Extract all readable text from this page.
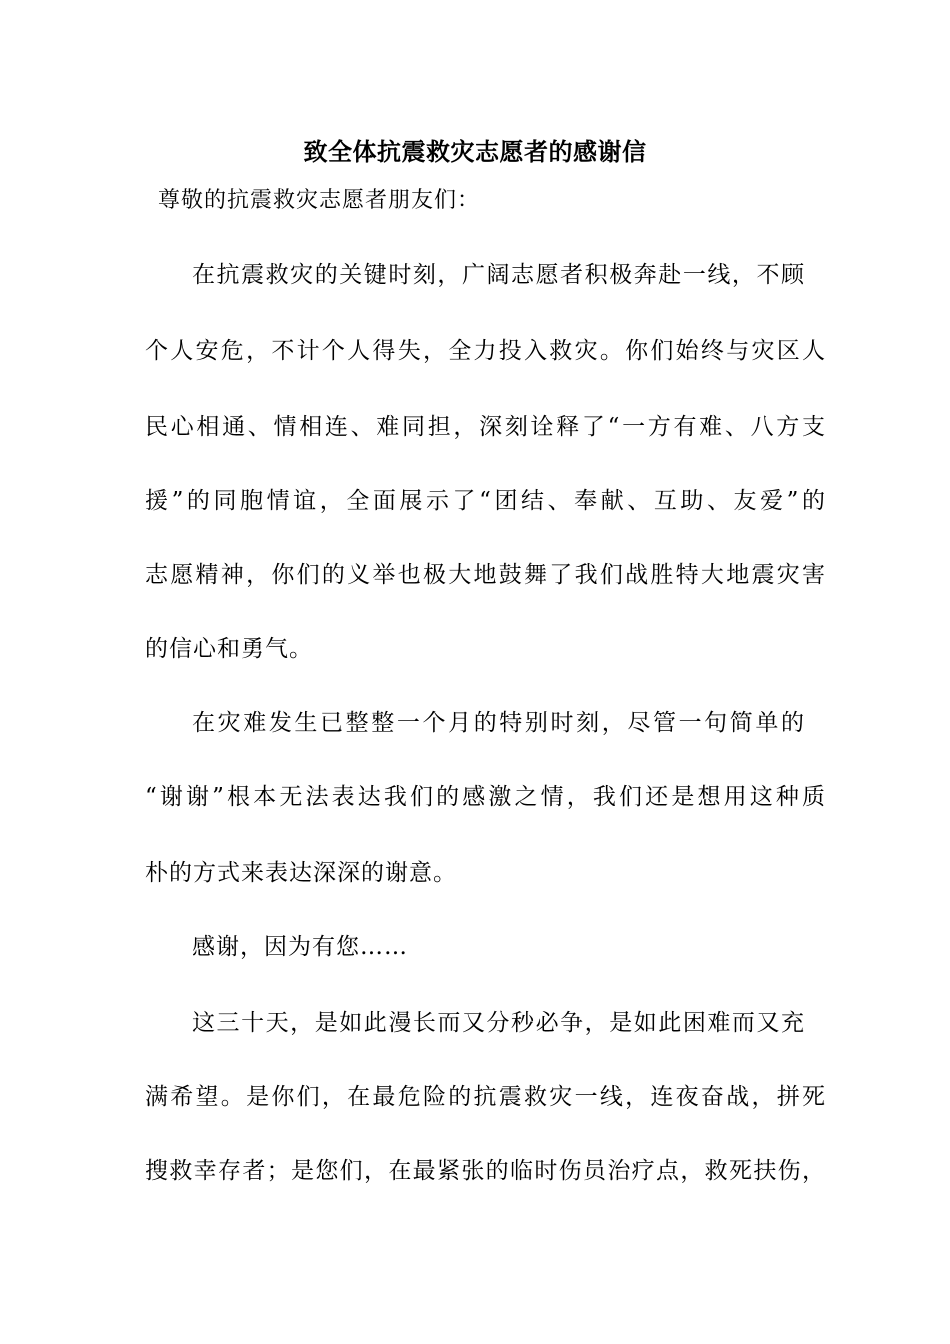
致全体抗震救灾志愿者的感谢信
尊敬的抗震救灾志愿者朋友们：
在抗震救灾的关键时刻，广阔志愿者积极奔赴一线，不顾
个人安危，不计个人得失，全力投入救灾。你们始终与灾区人
民心相通、情相连、难同担，深刻诠释了“一方有难、八方支
援”的同胞情谊，全面展示了“团结、奉献、互助、友爱”的
志愿精神，你们的义举也极大地鼓舞了我们战胜特大地震灾害
的信心和勇气。
在灾难发生已整整一个月的特别时刻，尽管一句简单的
“谢谢”根本无法表达我们的感激之情，我们还是想用这种质
朴的方式来表达深深的谢意。
感谢，因为有您……
这三十天，是如此漫长而又分秒必争，是如此困难而又充
满希望。是你们，在最危险的抗震救灾一线，连夜奋战，拼死
搜救幸存者；是您们，在最紧张的临时伤员治疗点，救死扶伤，
